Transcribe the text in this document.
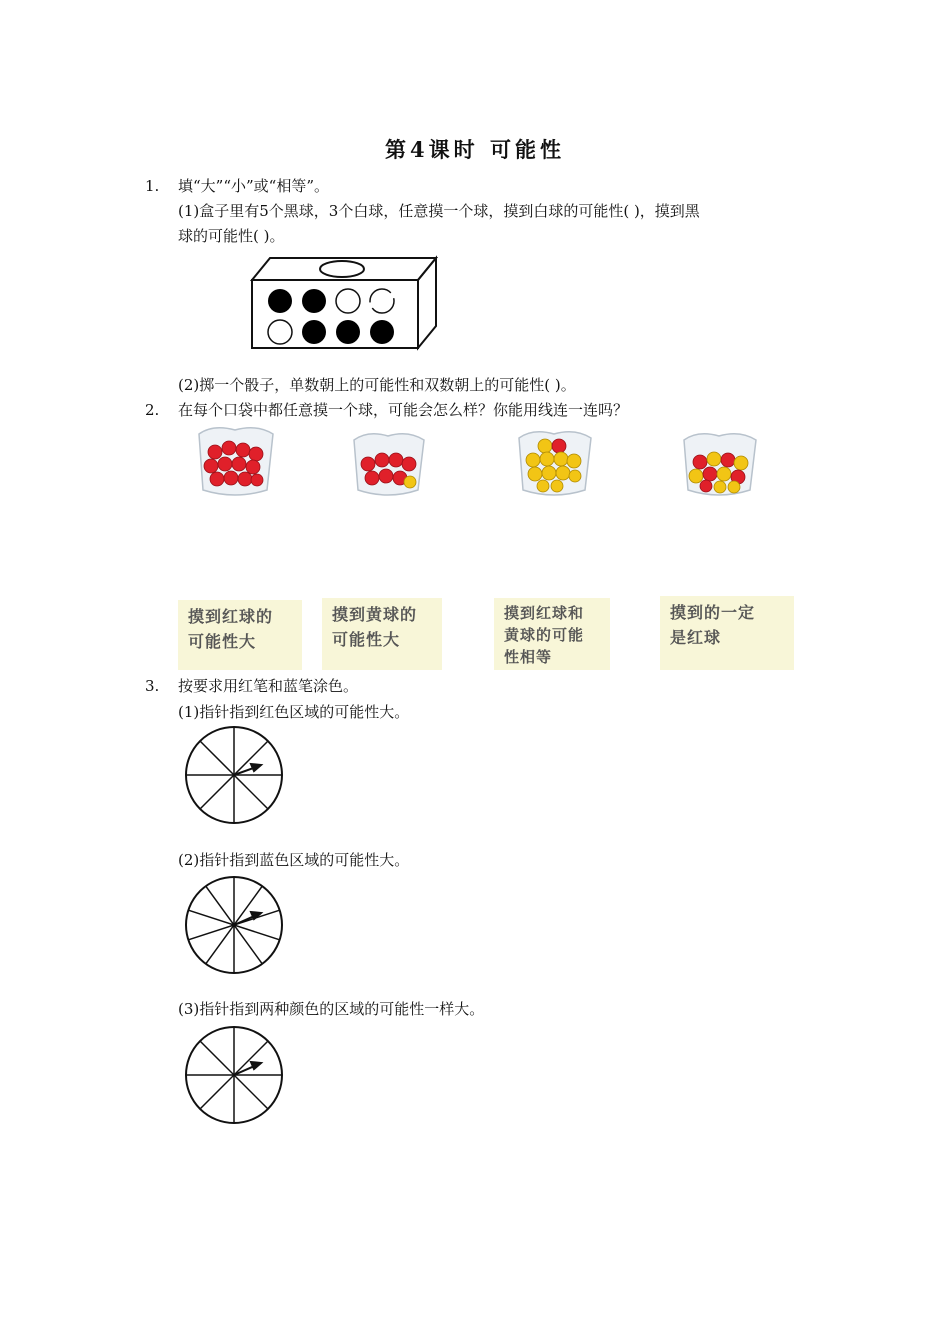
第4课时 可能性
1. 填“大”“小”或“相等”。
(1)盒子里有5个黑球，3个白球，任意摸一个球，摸到白球的可能性( )，摸到黑
球的可能性( )。
(2)掷一个骰子，单数朝上的可能性和双数朝上的可能性( )。
2. 在每个口袋中都任意摸一个球，可能会怎么样？你能用线连一连吗？
摸到红球的
可能性大
摸到黄球的
可能性大
摸到红球和
黄球的可能
性相等
摸到的一定
是红球
3. 按要求用红笔和蓝笔涂色。
(1)指针指到红色区域的可能性大。
(2)指针指到蓝色区域的可能性大。
(3)指针指到两种颜色的区域的可能性一样大。
